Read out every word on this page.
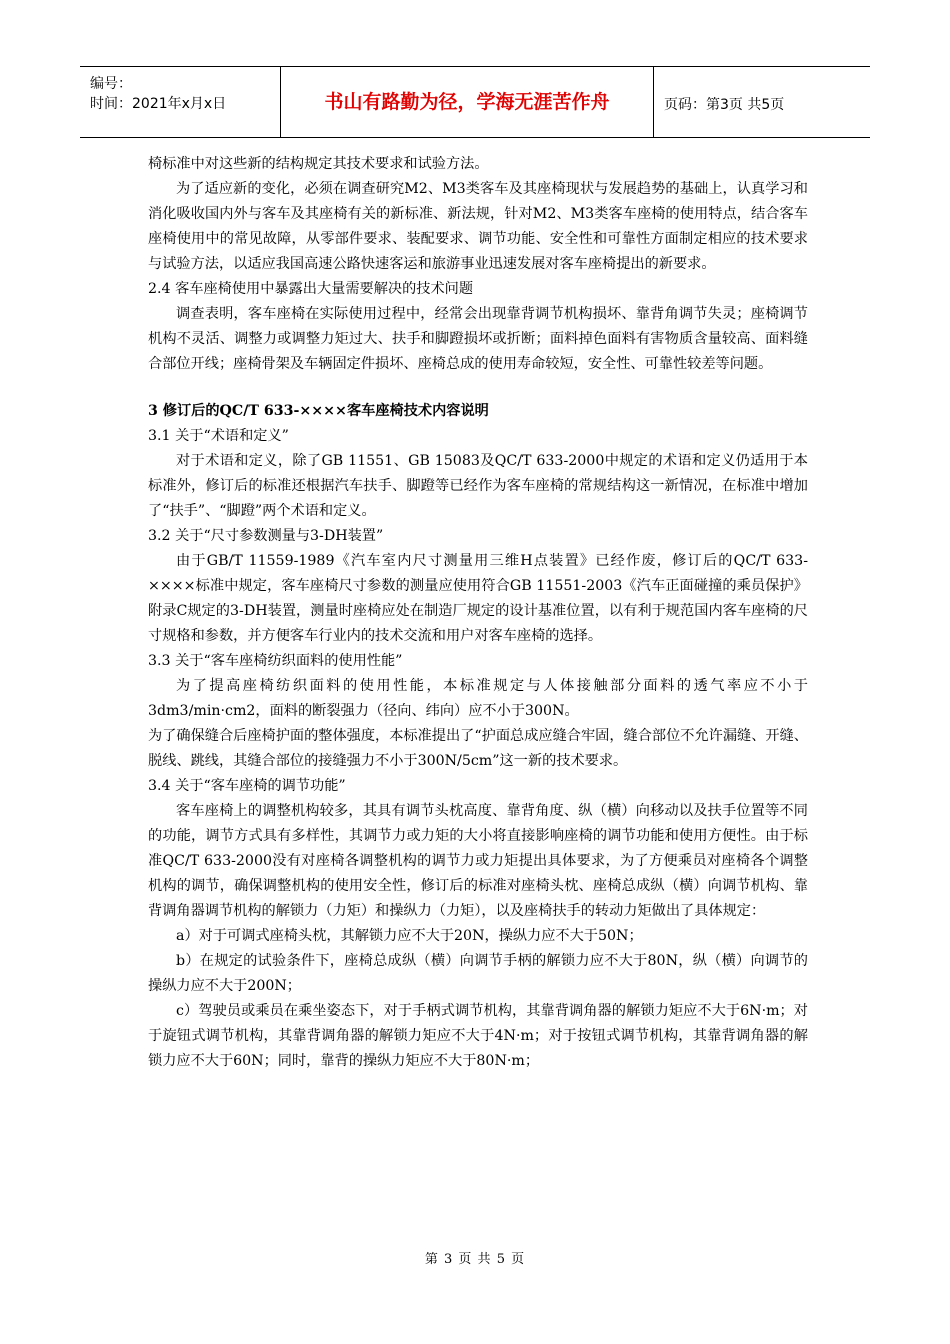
编号：
时间：2021年x月x日	书山有路勤为径，学海无涯苦作舟	页码：第3页 共5页

椅标准中对这些新的结构规定其技术要求和试验方法。

为了适应新的变化，必须在调查研究M2、M3类客车及其座椅现状与发展趋势的基础上，认真学习和消化吸收国内外与客车及其座椅有关的新标准、新法规，针对M2、M3类客车座椅的使用特点，结合客车座椅使用中的常见故障，从零部件要求、装配要求、调节功能、安全性和可靠性方面制定相应的技术要求与试验方法，以适应我国高速公路快速客运和旅游事业迅速发展对客车座椅提出的新要求。

2.4 客车座椅使用中暴露出大量需要解决的技术问题

调查表明，客车座椅在实际使用过程中，经常会出现靠背调节机构损坏、靠背角调节失灵；座椅调节机构不灵活、调整力或调整力矩过大、扶手和脚蹬损坏或折断；面料掉色面料有害物质含量较高、面料缝合部位开线；座椅骨架及车辆固定件损坏、座椅总成的使用寿命较短，安全性、可靠性较差等问题。

3 修订后的QC/T 633-××××客车座椅技术内容说明

3.1 关于“术语和定义”

对于术语和定义，除了GB 11551、GB 15083及QC/T 633-2000中规定的术语和定义仍适用于本标准外，修订后的标准还根据汽车扶手、脚蹬等已经作为客车座椅的常规结构这一新情况，在标准中增加了“扶手”、“脚蹬”两个术语和定义。

3.2 关于“尺寸参数测量与3-DH装置”

由于GB/T 11559-1989《汽车室内尺寸测量用三维H点装置》已经作废，修订后的QC/T 633-××××标准中规定，客车座椅尺寸参数的测量应使用符合GB 11551-2003《汽车正面碰撞的乘员保护》附录C规定的3-DH装置，测量时座椅应处在制造厂规定的设计基准位置，以有利于规范国内客车座椅的尺寸规格和参数，并方便客车行业内的技术交流和用户对客车座椅的选择。

3.3 关于“客车座椅纺织面料的使用性能”

为了提高座椅纺织面料的使用性能，本标准规定与人体接触部分面料的透气率应不小于3dm3/min·cm2，面料的断裂强力（径向、纬向）应不小于300N。

为了确保缝合后座椅护面的整体强度，本标准提出了“护面总成应缝合牢固，缝合部位不允许漏缝、开缝、脱线、跳线，其缝合部位的接缝强力不小于300N/5cm”这一新的技术要求。

3.4 关于“客车座椅的调节功能”

客车座椅上的调整机构较多，其具有调节头枕高度、靠背角度、纵（横）向移动以及扶手位置等不同的功能，调节方式具有多样性，其调节力或力矩的大小将直接影响座椅的调节功能和使用方便性。由于标准QC/T 633-2000没有对座椅各调整机构的调节力或力矩提出具体要求，为了方便乘员对座椅各个调整机构的调节，确保调整机构的使用安全性，修订后的标准对座椅头枕、座椅总成纵（横）向调节机构、靠背调角器调节机构的解锁力（力矩）和操纵力（力矩），以及座椅扶手的转动力矩做出了具体规定：

a）对于可调式座椅头枕，其解锁力应不大于20N，操纵力应不大于50N；

b）在规定的试验条件下，座椅总成纵（横）向调节手柄的解锁力应不大于80N，纵（横）向调节的操纵力应不大于200N；

c）驾驶员或乘员在乘坐姿态下，对于手柄式调节机构，其靠背调角器的解锁力矩应不大于6N·m；对于旋钮式调节机构，其靠背调角器的解锁力矩应不大于4N·m；对于按钮式调节机构，其靠背调角器的解锁力应不大于60N；同时，靠背的操纵力矩应不大于80N·m；

第 3 页 共 5 页
